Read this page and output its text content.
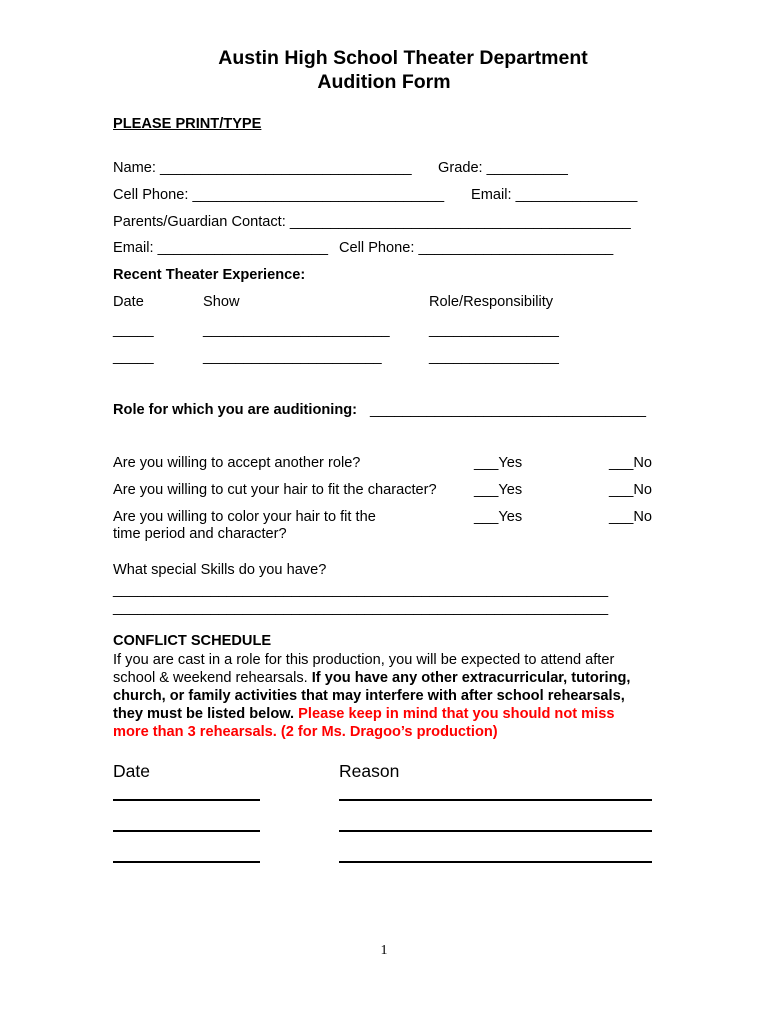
Austin High School Theater Department
Audition Form
PLEASE PRINT/TYPE
Name: _______________________________ Grade: __________
Cell Phone: _______________________________ Email: _______________
Parents/Guardian Contact: __________________________________________
Email: _____________________ Cell Phone: ________________________
Recent Theater Experience:
Date	Show	Role/Responsibility
_____	_______________________	________________
_____	______________________	________________
Role for which you are auditioning: __________________________________
Are you willing to accept another role?	___Yes	___No
Are you willing to cut your hair to fit the character?	___Yes	___No
Are you willing to color your hair to fit the
time period and character?
___Yes	___No
What special Skills do you have?
_____________________________________________________________
_____________________________________________________________
CONFLICT SCHEDULE
If you are cast in a role for this production, you will be expected to attend after school & weekend rehearsals. If you have any other extracurricular, tutoring, church, or family activities that may interfere with after school rehearsals, they must be listed below. Please keep in mind that you should not miss more than 3 rehearsals. (2 for Ms. Dragoo’s production)
Date	Reason
1
